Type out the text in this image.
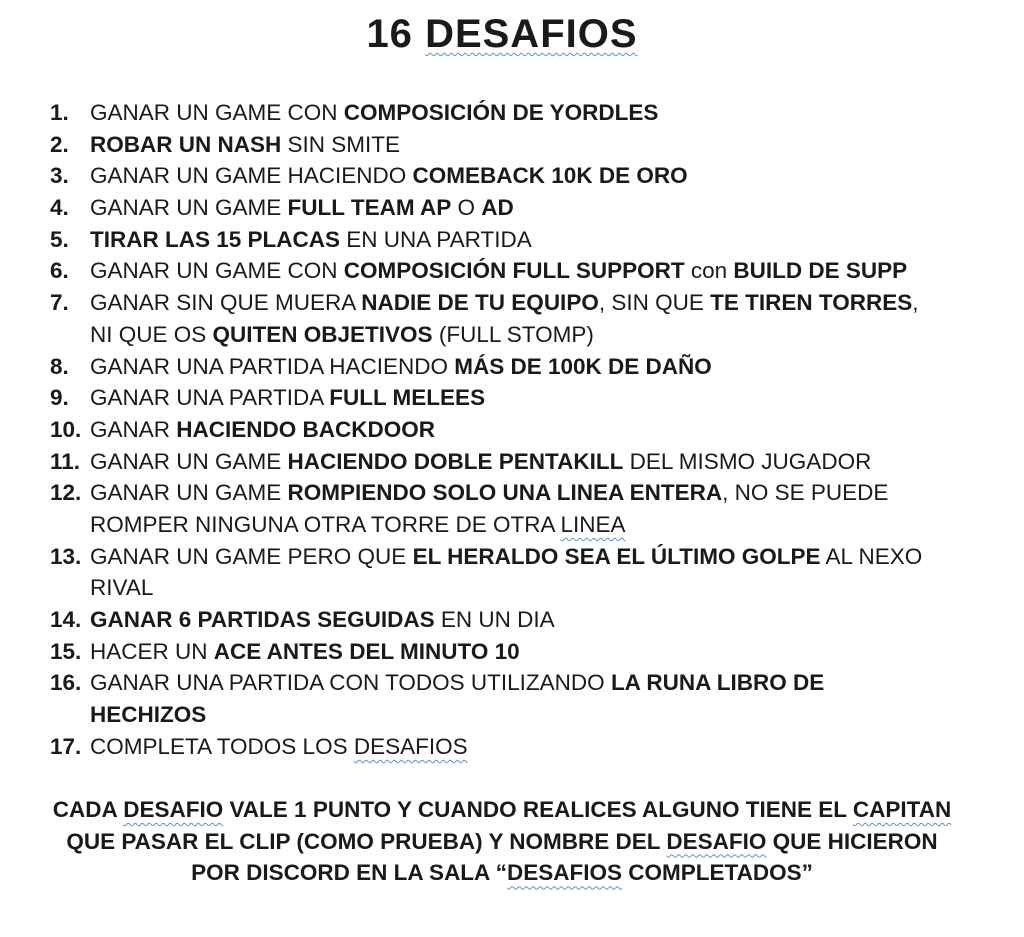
16 DESAFIOS
1. GANAR UN GAME CON COMPOSICIÓN DE YORDLES
2. ROBAR UN NASH SIN SMITE
3. GANAR UN GAME HACIENDO COMEBACK 10K DE ORO
4. GANAR UN GAME FULL TEAM AP O AD
5. TIRAR LAS 15 PLACAS EN UNA PARTIDA
6. GANAR UN GAME CON COMPOSICIÓN FULL SUPPORT con BUILD DE SUPP
7. GANAR SIN QUE MUERA NADIE DE TU EQUIPO, SIN QUE TE TIREN TORRES,
NI QUE OS QUITEN OBJETIVOS (FULL STOMP)
8. GANAR UNA PARTIDA HACIENDO MÁS DE 100K DE DAÑO
9. GANAR UNA PARTIDA FULL MELEES
10. GANAR HACIENDO BACKDOOR
11. GANAR UN GAME HACIENDO DOBLE PENTAKILL DEL MISMO JUGADOR
12. GANAR UN GAME ROMPIENDO SOLO UNA LINEA ENTERA, NO SE PUEDE
ROMPER NINGUNA OTRA TORRE DE OTRA LINEA
13. GANAR UN GAME PERO QUE EL HERALDO SEA EL ÚLTIMO GOLPE AL NEXO
RIVAL
14. GANAR 6 PARTIDAS SEGUIDAS EN UN DIA
15. HACER UN ACE ANTES DEL MINUTO 10
16. GANAR UNA PARTIDA CON TODOS UTILIZANDO LA RUNA LIBRO DE
HECHIZOS
17. COMPLETA TODOS LOS DESAFIOS
CADA DESAFIO VALE 1 PUNTO Y CUANDO REALICES ALGUNO TIENE EL CAPITAN
QUE PASAR EL CLIP (COMO PRUEBA) Y NOMBRE DEL DESAFIO QUE HICIERON
POR DISCORD EN LA SALA “DESAFIOS COMPLETADOS”
